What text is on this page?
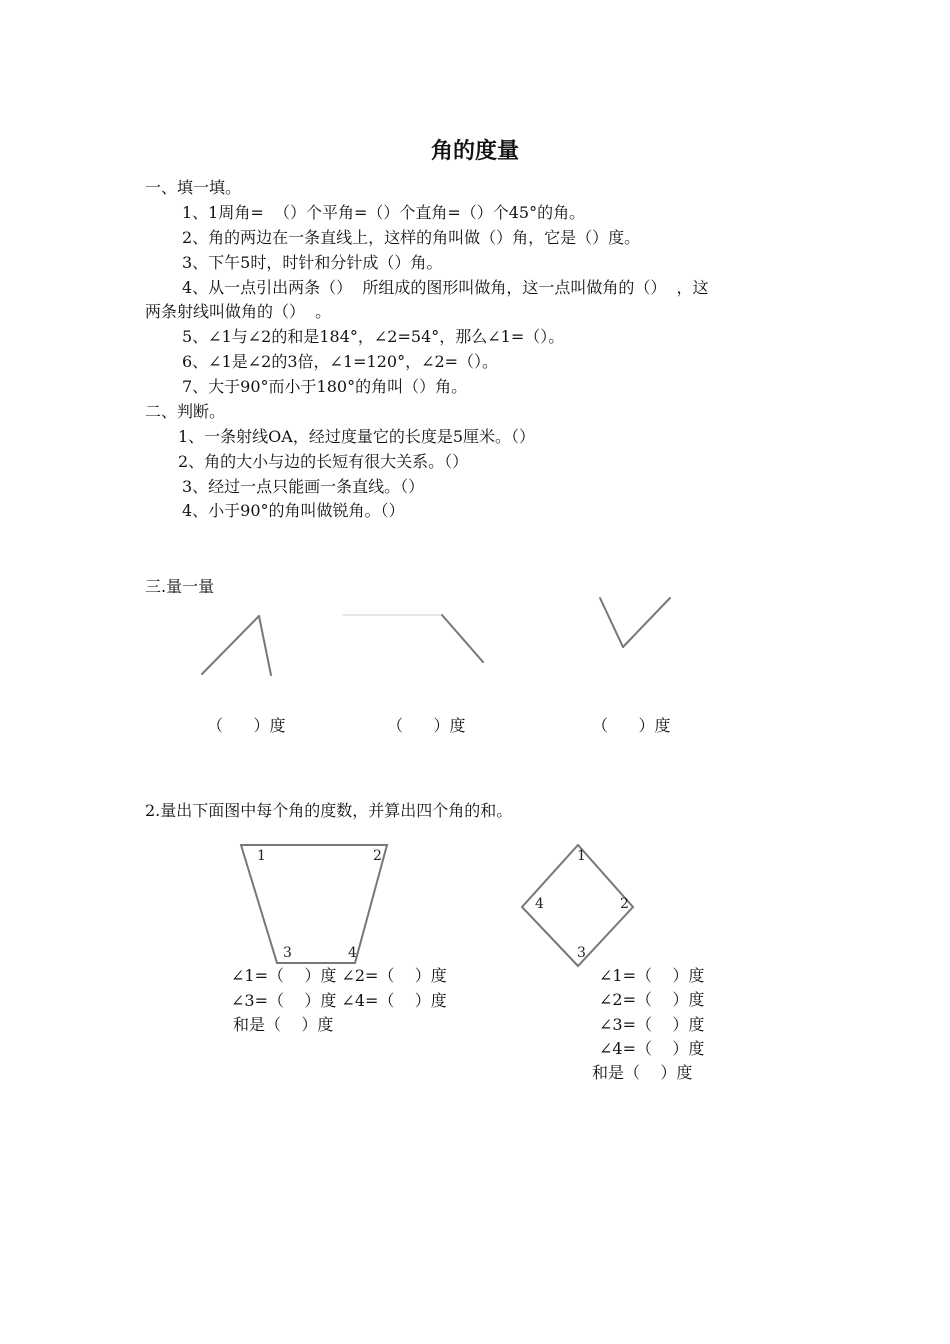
角的度量
一、填一填。
1、1周角=  （）个平角=（）个直角=（）个45°的角。
2、角的两边在一条直线上，这样的角叫做（）角，它是（）度。
3、下午5时，时针和分针成（）角。
4、从一点引出两条（）  所组成的图形叫做角，这一点叫做角的（）  ，这
两条射线叫做角的（）  。
5、∠1与∠2的和是184°，∠2=54°，那么∠1=（）。
6、∠1是∠2的3倍，∠1=120°，∠2=（）。
7、大于90°而小于180°的角叫（）角。
二、判断。
1、一条射线OA，经过度量它的长度是5厘米。（）
2、角的大小与边的长短有很大关系。（）
3、经过一点只能画一条直线。（）
4、小于90°的角叫做锐角。（）
三.量一量
（      ）度	（      ）度	（      ）度
2.量出下面图中每个角的度数，并算出四个角的和。
∠1=（    ）度 ∠2=（    ）度
∠3=（    ）度 ∠4=（    ）度
和是（    ）度
∠1=（    ）度
∠2=（    ）度
∠3=（    ）度
∠4=（    ）度
和是（    ）度
1	2
3	4
1
2
3
4
